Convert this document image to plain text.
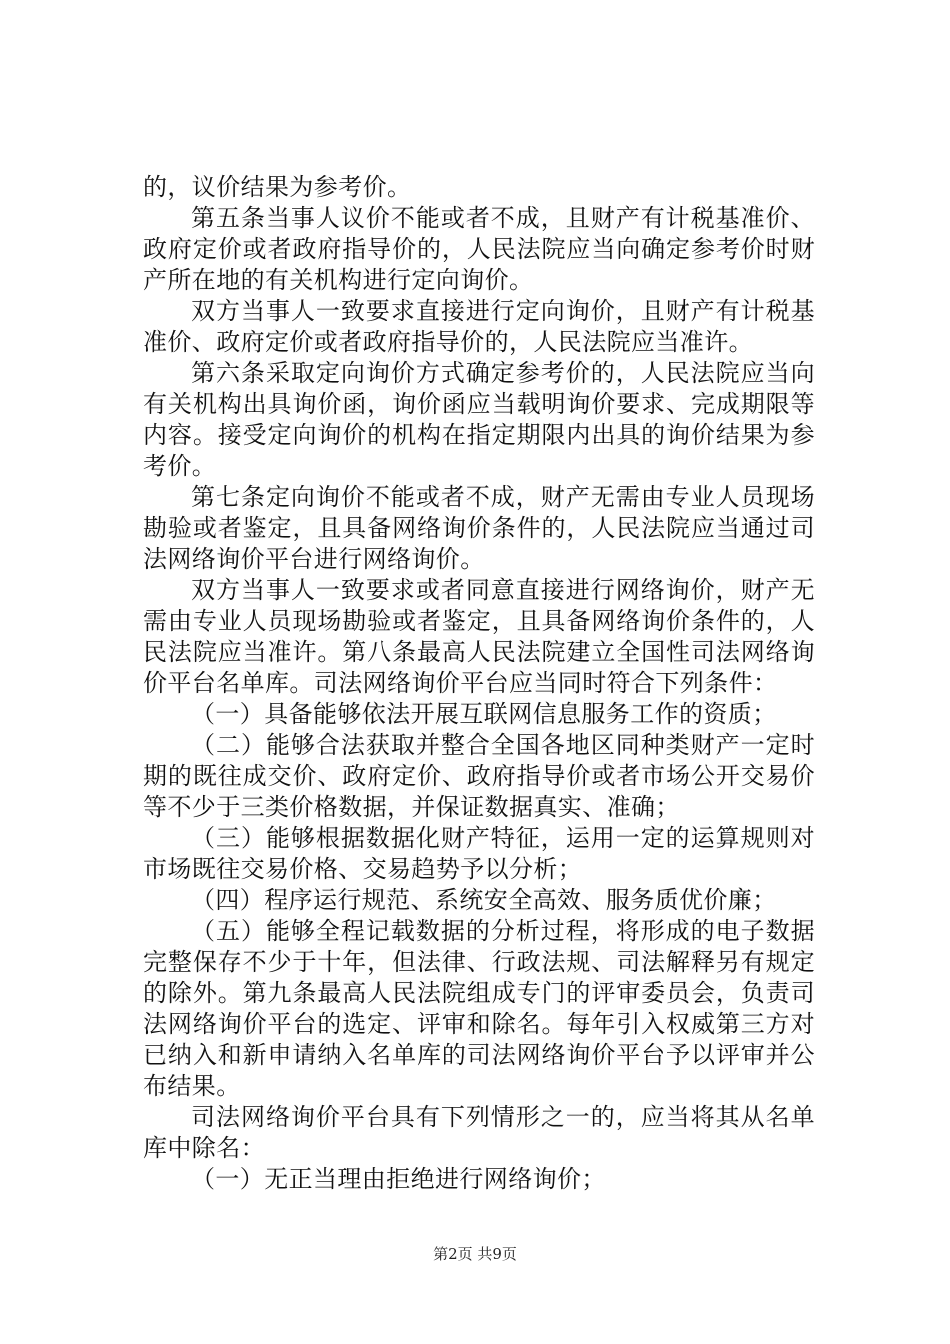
的，议价结果为参考价。

第五条当事人议价不能或者不成，且财产有计税基准价、政府定价或者政府指导价的，人民法院应当向确定参考价时财产所在地的有关机构进行定向询价。

双方当事人一致要求直接进行定向询价，且财产有计税基准价、政府定价或者政府指导价的，人民法院应当准许。

第六条采取定向询价方式确定参考价的，人民法院应当向有关机构出具询价函，询价函应当载明询价要求、完成期限等内容。接受定向询价的机构在指定期限内出具的询价结果为参考价。

第七条定向询价不能或者不成，财产无需由专业人员现场勘验或者鉴定，且具备网络询价条件的，人民法院应当通过司法网络询价平台进行网络询价。

双方当事人一致要求或者同意直接进行网络询价，财产无需由专业人员现场勘验或者鉴定，且具备网络询价条件的，人民法院应当准许。第八条最高人民法院建立全国性司法网络询价平台名单库。司法网络询价平台应当同时符合下列条件：

（一）具备能够依法开展互联网信息服务工作的资质；

（二）能够合法获取并整合全国各地区同种类财产一定时期的既往成交价、政府定价、政府指导价或者市场公开交易价等不少于三类价格数据，并保证数据真实、准确；

（三）能够根据数据化财产特征，运用一定的运算规则对市场既往交易价格、交易趋势予以分析；

（四）程序运行规范、系统安全高效、服务质优价廉；

（五）能够全程记载数据的分析过程，将形成的电子数据完整保存不少于十年，但法律、行政法规、司法解释另有规定的除外。第九条最高人民法院组成专门的评审委员会，负责司法网络询价平台的选定、评审和除名。每年引入权威第三方对已纳入和新申请纳入名单库的司法网络询价平台予以评审并公布结果。

司法网络询价平台具有下列情形之一的，应当将其从名单库中除名：

（一）无正当理由拒绝进行网络询价；

第2页 共9页
